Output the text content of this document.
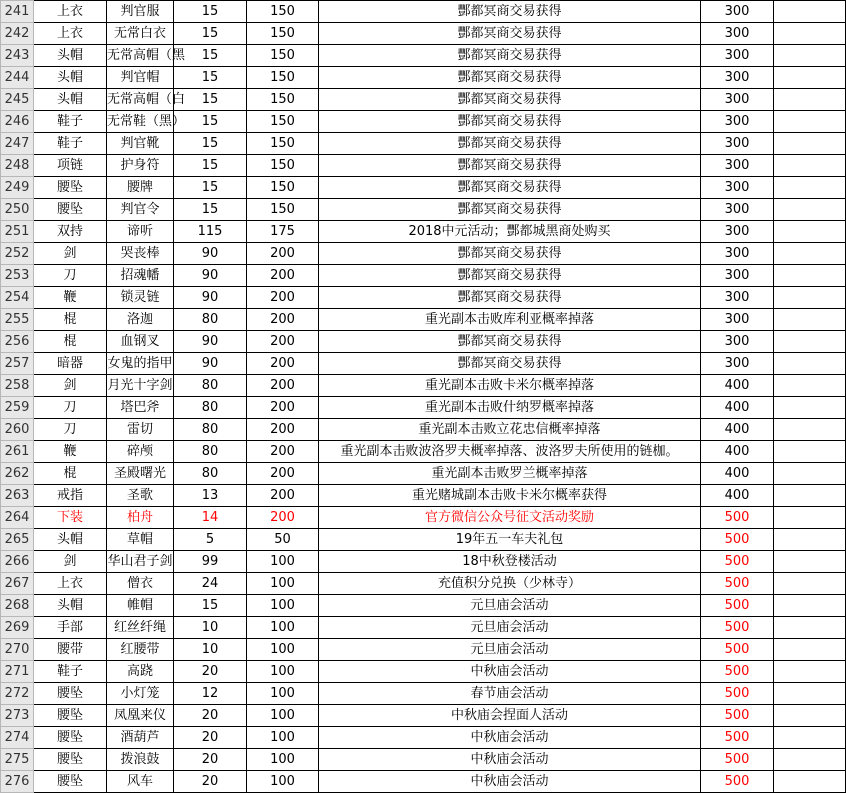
241	上衣	判官服	15	150	酆都冥商交易获得	300	
242	上衣	无常白衣	15	150	酆都冥商交易获得	300	
243	头帽	无常高帽（黑	15	150	酆都冥商交易获得	300	
244	头帽	判官帽	15	150	酆都冥商交易获得	300	
245	头帽	无常高帽（白	15	150	酆都冥商交易获得	300	
246	鞋子	无常鞋（黑）	15	150	酆都冥商交易获得	300	
247	鞋子	判官靴	15	150	酆都冥商交易获得	300	
248	项链	护身符	15	150	酆都冥商交易获得	300	
249	腰坠	腰牌	15	150	酆都冥商交易获得	300	
250	腰坠	判官令	15	150	酆都冥商交易获得	300	
251	双持	谛听	115	175	2018中元活动；酆都城黑商处购买	300	
252	剑	哭丧棒	90	200	酆都冥商交易获得	300	
253	刀	招魂幡	90	200	酆都冥商交易获得	300	
254	鞭	锁灵链	90	200	酆都冥商交易获得	300	
255	棍	洛迦	80	200	重光副本击败库利亚概率掉落	300	
256	棍	血钢叉	90	200	酆都冥商交易获得	300	
257	暗器	女鬼的指甲	90	200	酆都冥商交易获得	300	
258	剑	月光十字剑	80	200	重光副本击败卡米尔概率掉落	400	
259	刀	塔巴斧	80	200	重光副本击败什纳罗概率掉落	400	
260	刀	雷切	80	200	重光副本击败立花忠信概率掉落	400	
261	鞭	碎颅	80	200	重光副本击败波洛罗夫概率掉落、波洛罗夫所使用的链枷。	400	
262	棍	圣殿曙光	80	200	重光副本击败罗兰概率掉落	400	
263	戒指	圣歌	13	200	重光赌城副本击败卡米尔概率获得	400	
264	下装	柏舟	14	200	官方微信公众号征文活动奖励	500	
265	头帽	草帽	5	50	19年五一车夫礼包	500	
266	剑	华山君子剑	99	100	18中秋登楼活动	500	
267	上衣	僧衣	24	100	充值积分兑换（少林寺）	500	
268	头帽	帷帽	15	100	元旦庙会活动	500	
269	手部	红丝纤绳	10	100	元旦庙会活动	500	
270	腰带	红腰带	10	100	元旦庙会活动	500	
271	鞋子	高跷	20	100	中秋庙会活动	500	
272	腰坠	小灯笼	12	100	春节庙会活动	500	
273	腰坠	凤凰来仪	20	100	中秋庙会捏面人活动	500	
274	腰坠	酒葫芦	20	100	中秋庙会活动	500	
275	腰坠	拨浪鼓	20	100	中秋庙会活动	500	
276	腰坠	风车	20	100	中秋庙会活动	500	
